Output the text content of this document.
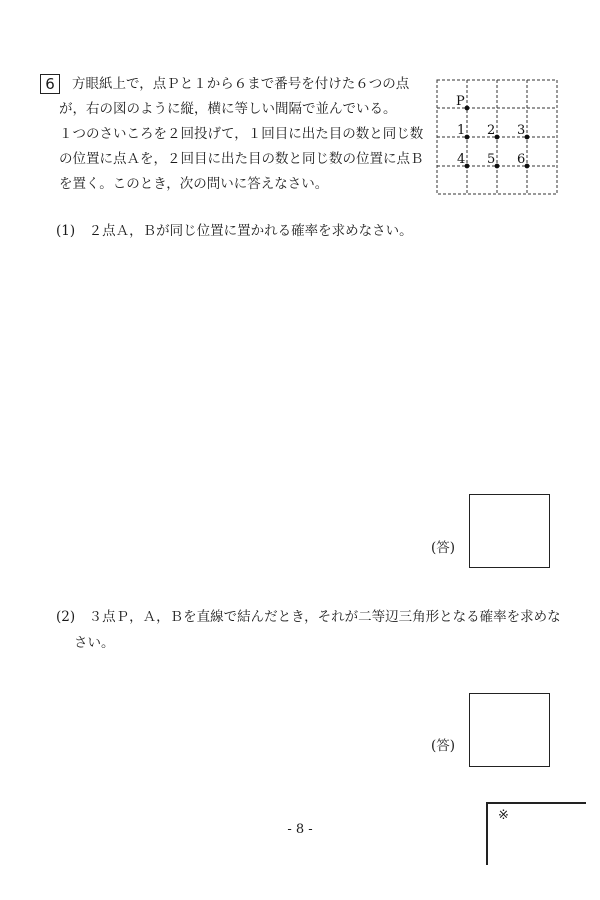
6	方眼紙上で，点Ｐと１から６まで番号を付けた６つの点
が，右の図のように縦，横に等しい間隔で並んでいる。
１つのさいころを２回投げて，１回目に出た目の数と同じ数
の位置に点Ａを，２回目に出た目の数と同じ数の位置に点Ｂ
を置く。このとき，次の問いに答えなさい。
P
1 2 3
4 5 6
(1)　２点Ａ，Ｂが同じ位置に置かれる確率を求めなさい。
(答)
(2)　３点Ｐ，Ａ，Ｂを直線で結んだとき，それが二等辺三角形となる確率を求めな
さい。
(答)
- 8 -
※
